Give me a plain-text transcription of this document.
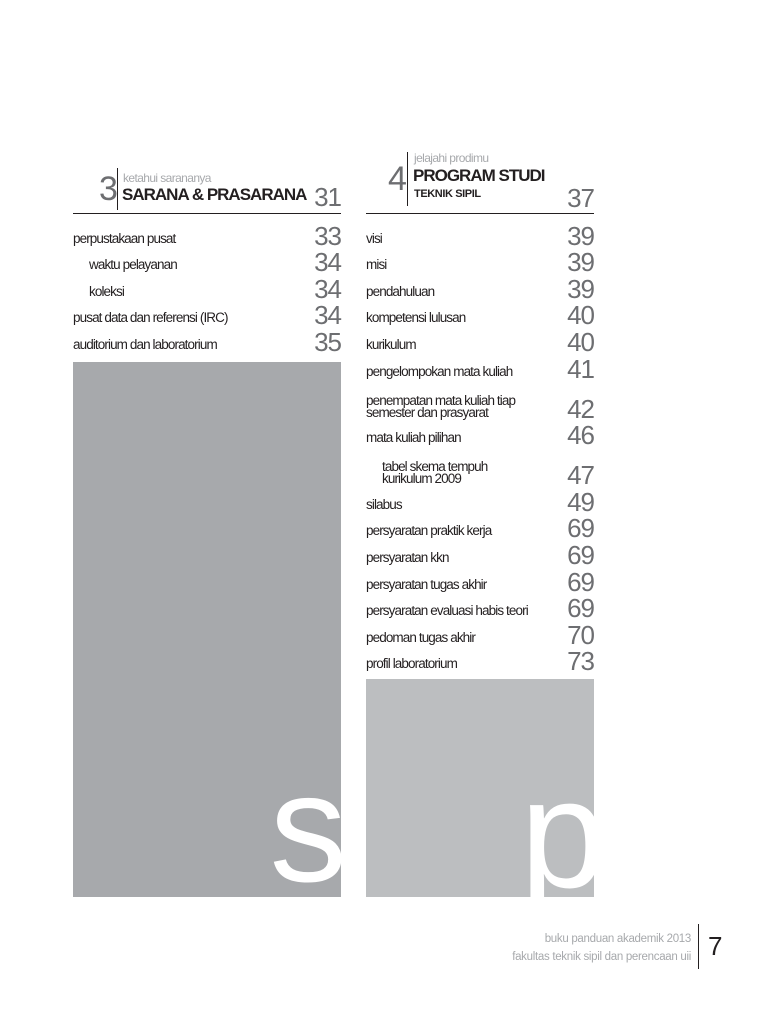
3 ketahui sarananya
SARANA & PRASARANA 31
perpustakaan pusat	33
waktu pelayanan	34
koleksi	34
pusat data dan referensi (IRC)	34
auditorium dan laboratorium	35
s
4
jelajahi prodimu
PROGRAM STUDI
TEKNIK SIPIL	37
visi	39
misi	39
pendahuluan	39
kompetensi lulusan	40
kurikulum	40
pengelompokan mata kuliah 41
penempatan mata kuliah tiap semester dan prasyarat	42
mata kuliah pilihan	46
tabel skema tempuh kurikulum 2009	47
silabus	49
persyaratan praktik kerja	69
persyaratan kkn	69
persyaratan tugas akhir	69
persyaratan evaluasi habis teori 69
pedoman tugas akhir	70
profil laboratorium	73
p
buku panduan akademik 2013
fakultas teknik sipil dan perencaan uii 7
